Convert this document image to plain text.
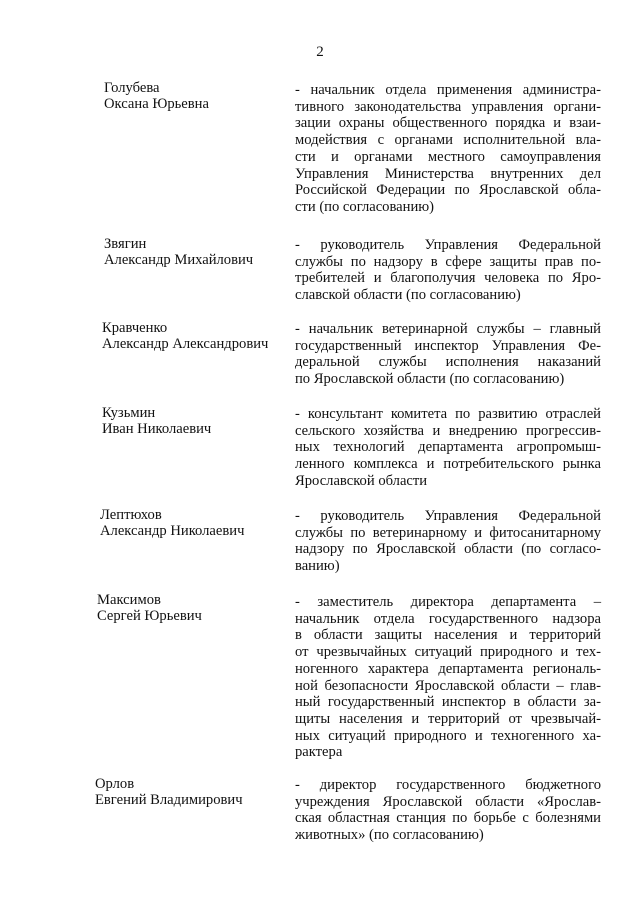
2
Голубева
Оксана Юрьевна
- начальник отдела применения администра-
тивного законодательства управления органи-
зации охраны общественного порядка и взаи-
модействия с органами исполнительной вла-
сти и органами местного самоуправления
Управления Министерства внутренних дел
Российской Федерации по Ярославской обла-
сти (по согласованию)
Звягин
Александр Михайлович
- руководитель Управления Федеральной
службы по надзору в сфере защиты прав по-
требителей и благополучия человека по Яро-
славской области (по согласованию)
Кравченко
Александр Александрович
- начальник ветеринарной службы – главный
государственный инспектор Управления Фе-
деральной службы исполнения наказаний
по Ярославской области (по согласованию)
Кузьмин
Иван Николаевич
- консультант комитета по развитию отраслей
сельского хозяйства и внедрению прогрессив-
ных технологий департамента агропромыш-
ленного комплекса и потребительского рынка
Ярославской области
Лептюхов
Александр Николаевич
- руководитель Управления Федеральной
службы по ветеринарному и фитосанитарному
надзору по Ярославской области (по согласо-
ванию)
Максимов
Сергей Юрьевич
- заместитель директора департамента –
начальник отдела государственного надзора
в области защиты населения и территорий
от чрезвычайных ситуаций природного и тех-
ногенного характера департамента региональ-
ной безопасности Ярославской области – глав-
ный государственный инспектор в области за-
щиты населения и территорий от чрезвычай-
ных ситуаций природного и техногенного ха-
рактера
Орлов
Евгений Владимирович
- директор государственного бюджетного
учреждения Ярославской области «Ярослав-
ская областная станция по борьбе с болезнями
животных» (по согласованию)
